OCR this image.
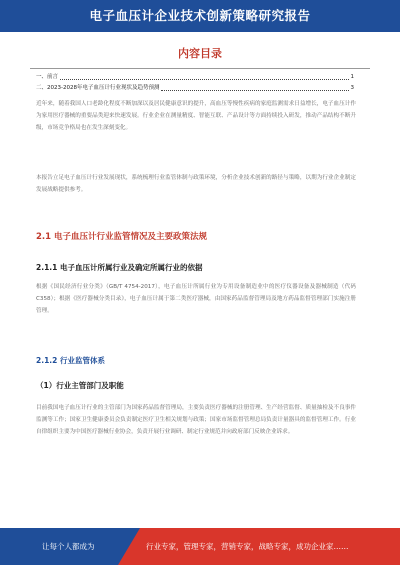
电子血压计企业技术创新策略研究报告
内容目录
一、前言	1
二、2023-2028年电子血压计行业现状及趋势预测	3
近年来，随着我国人口老龄化程度不断加深以及居民健康意识的提升，高血压等慢性疾病的家庭监测需求日益增长，电子血压计作为家用医疗器械的重要品类迎来快速发展。行业企业在测量精度、智能互联、产品设计等方面持续投入研发，推动产品结构不断升级，市场竞争格局也在发生深刻变化。
本报告立足电子血压计行业发展现状，系统梳理行业监管体制与政策环境，分析企业技术创新的路径与策略，以期为行业企业制定发展战略提供参考。
2.1 电子血压计行业监管情况及主要政策法规
2.1.1 电子血压计所属行业及确定所属行业的依据
根据《国民经济行业分类》（GB/T 4754-2017），电子血压计所属行业为专用设备制造业中的医疗仪器设备及器械制造（代码C358）；根据《医疗器械分类目录》，电子血压计属于第二类医疗器械，由国家药品监督管理局及地方药品监督管理部门实施注册管理。
2.1.2 行业监管体系
（1）行业主管部门及职能
目前我国电子血压计行业的主管部门为国家药品监督管理局，主要负责医疗器械的注册管理、生产经营监督、质量抽检及不良事件监测等工作；国家卫生健康委员会负责制定医疗卫生相关规划与政策；国家市场监督管理总局负责计量器具的监督管理工作。行业自律组织主要为中国医疗器械行业协会，负责开展行业调研、制定行业规范并向政府部门反映企业诉求。
让每个人都成为	行业专家，管理专家，营销专家，战略专家，成功企业家……
